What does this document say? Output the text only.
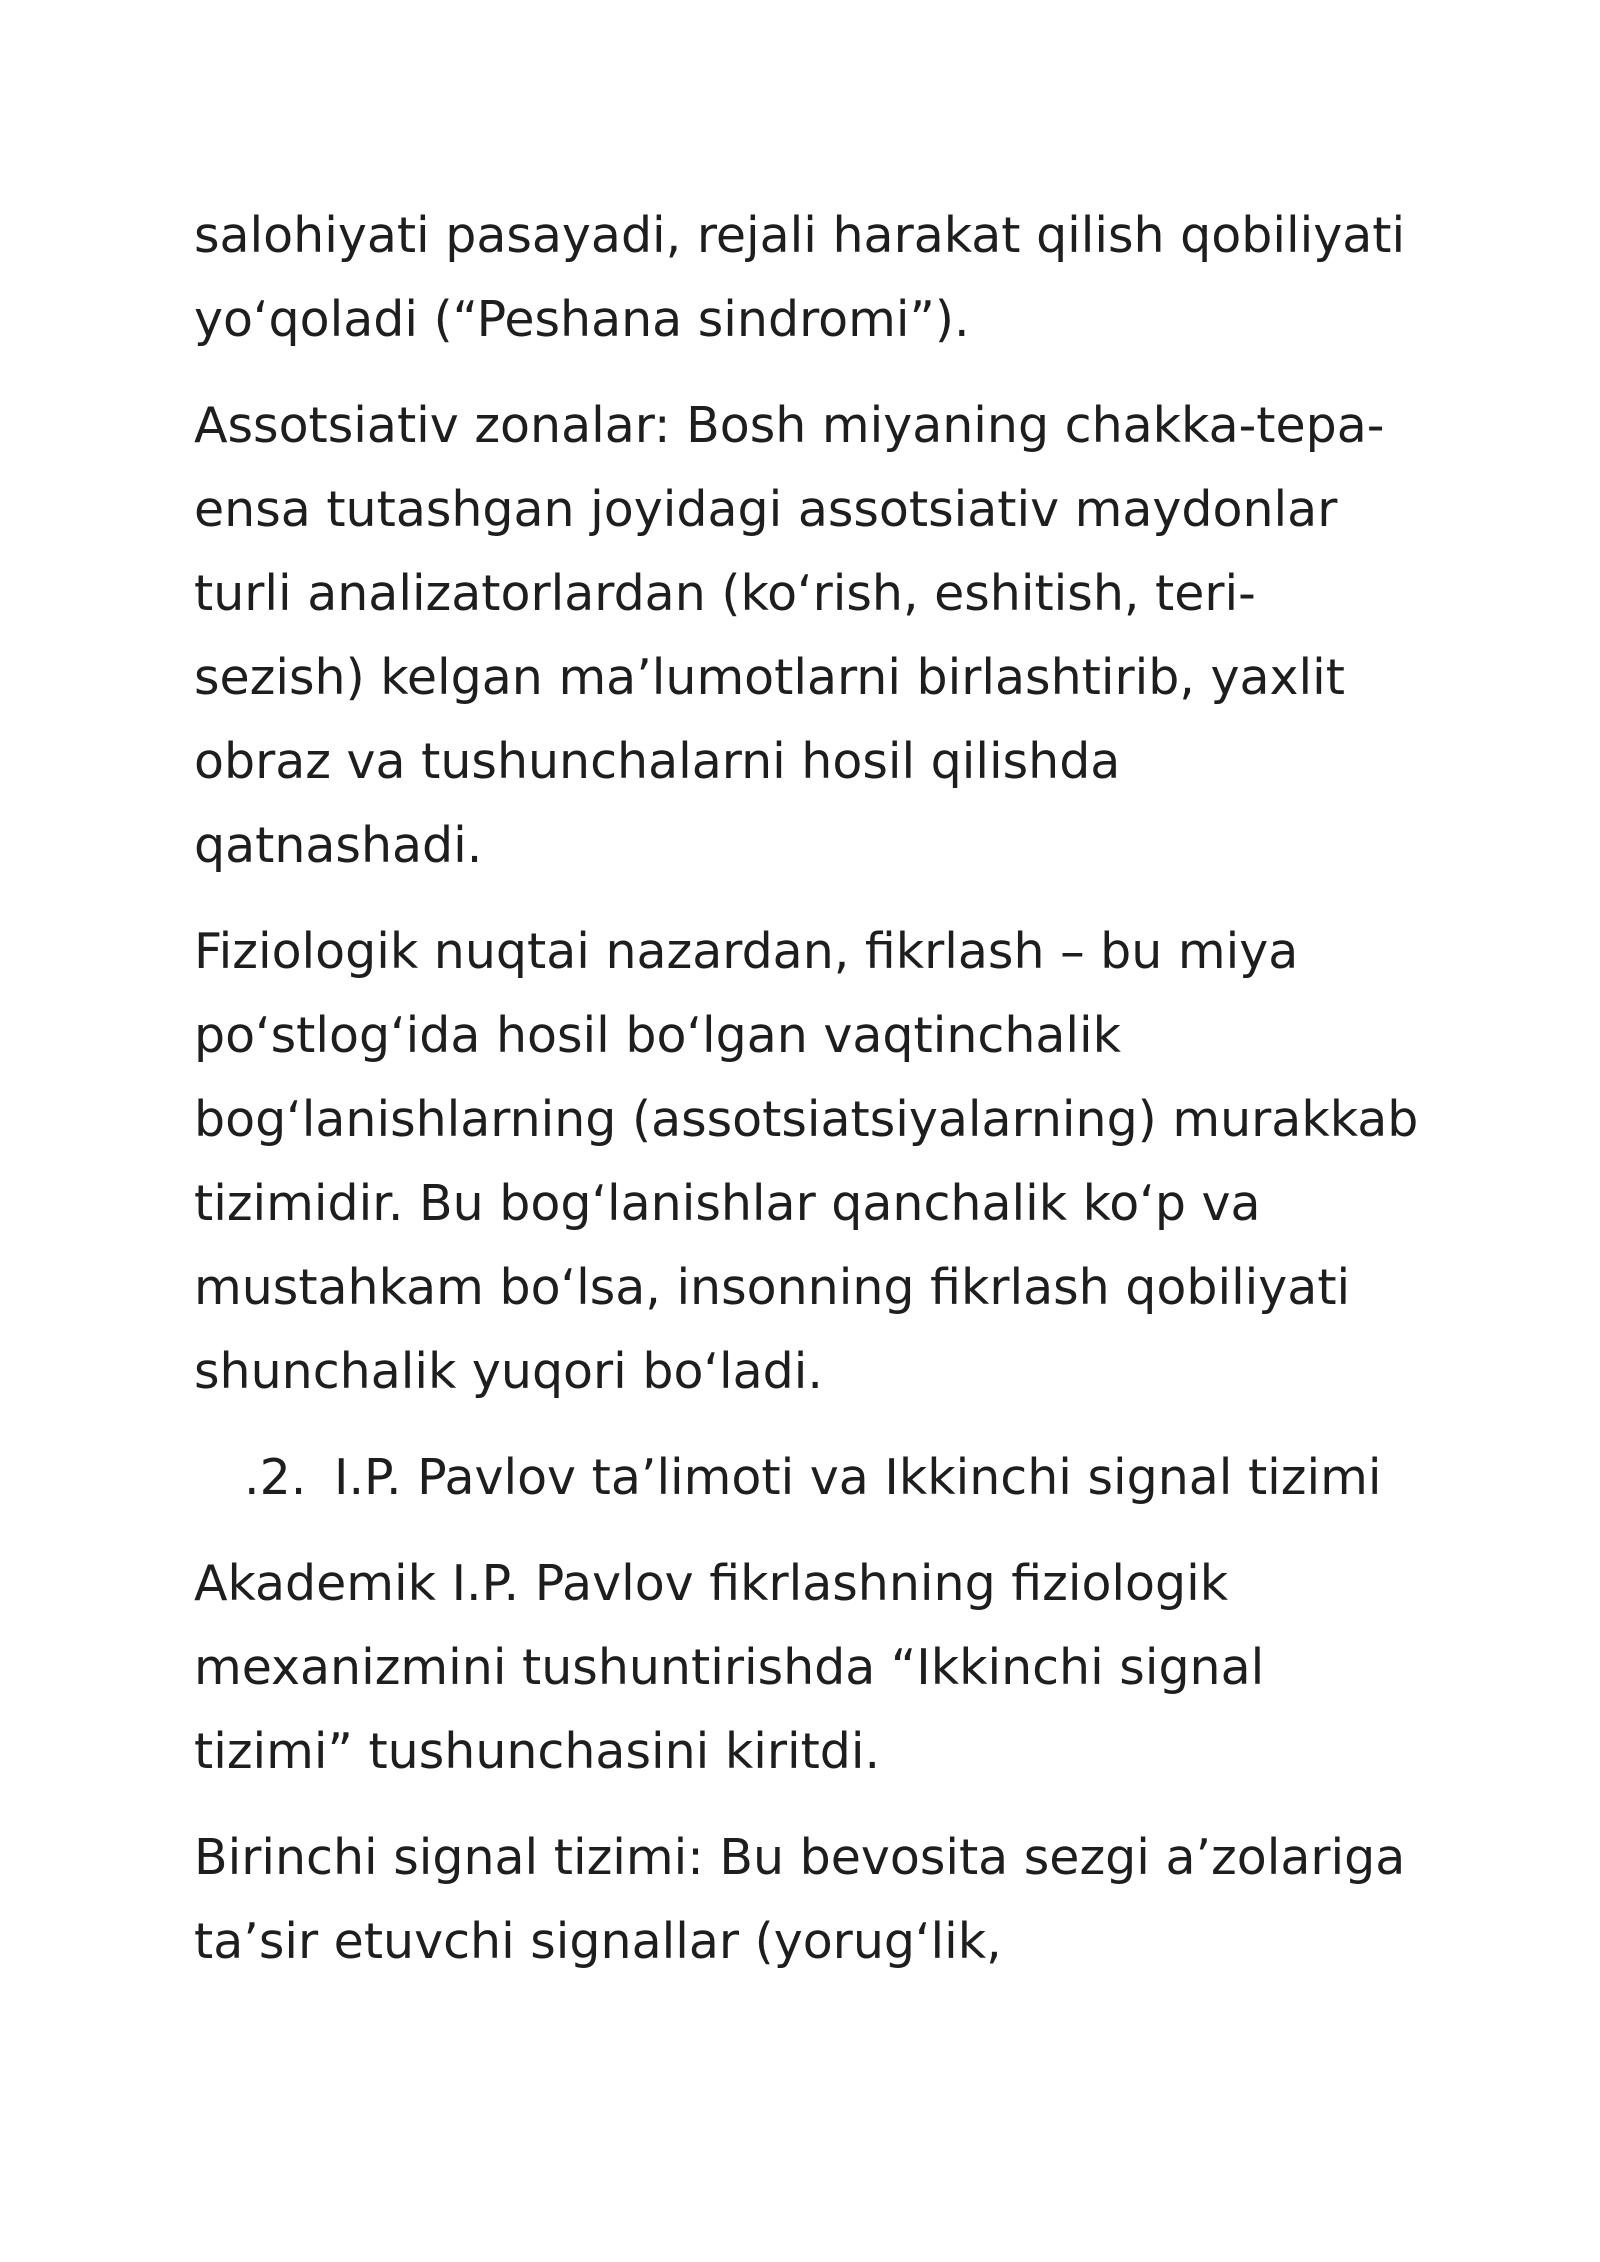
salohiyati pasayadi, rejali harakat qilish qobiliyati yo‘qoladi (“Peshana sindromi”).

Assotsiativ zonalar: Bosh miyaning chakka-tepa-ensa tutashgan joyidagi assotsiativ maydonlar turli analizatorlardan (ko‘rish, eshitish, teri-sezish) kelgan ma’lumotlarni birlashtirib, yaxlit obraz va tushunchalarni hosil qilishda qatnashadi.

Fiziologik nuqtai nazardan, fikrlash – bu miya po‘stlog‘ida hosil bo‘lgan vaqtinchalik bog‘lanishlarning (assotsiatsiyalarning) murakkab tizimidir. Bu bog‘lanishlar qanchalik ko‘p va mustahkam bo‘lsa, insonning fikrlash qobiliyati shunchalik yuqori bo‘ladi.

.2. I.P. Pavlov ta’limoti va Ikkinchi signal tizimi

Akademik I.P. Pavlov fikrlashning fiziologik mexanizmini tushuntirishda “Ikkinchi signal tizimi” tushunchasini kiritdi.

Birinchi signal tizimi: Bu bevosita sezgi a’zolariga ta’sir etuvchi signallar (yorug‘lik,
